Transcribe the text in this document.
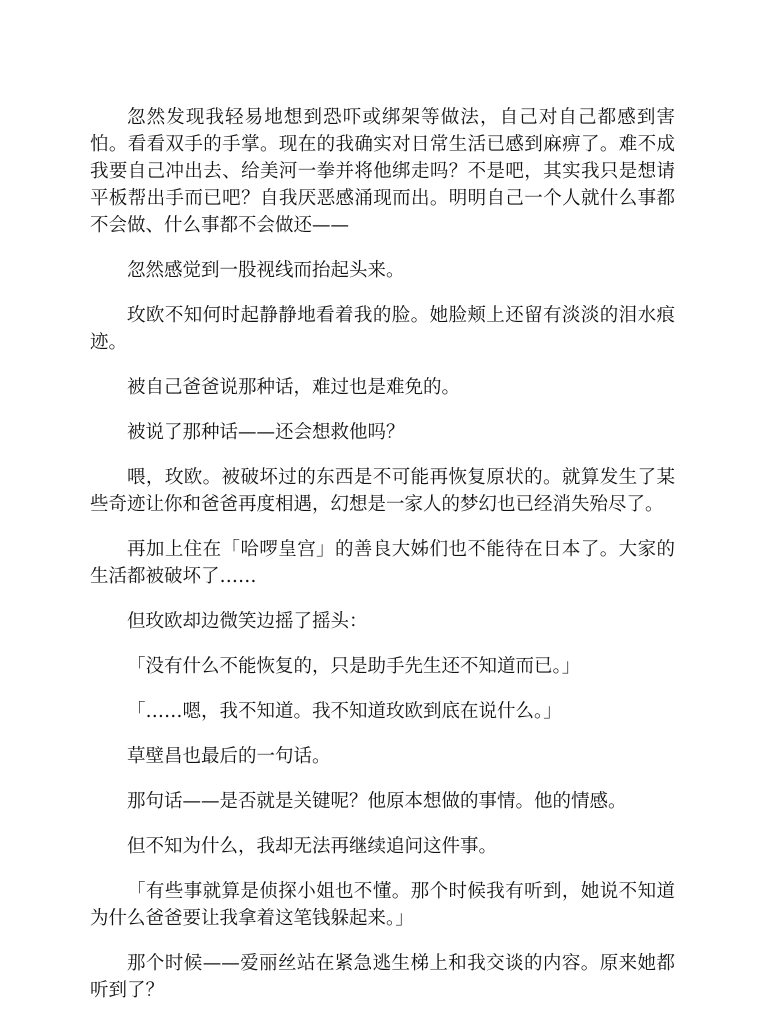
忽然发现我轻易地想到恐吓或绑架等做法，自己对自己都感到害怕。看看双手的手掌。现在的我确实对日常生活已感到麻痹了。难不成我要自己冲出去、给美河一拳并将他绑走吗？不是吧，其实我只是想请平板帮出手而已吧？自我厌恶感涌现而出。明明自己一个人就什么事都不会做、什么事都不会做还——

忽然感觉到一股视线而抬起头来。

玫欧不知何时起静静地看着我的脸。她脸颊上还留有淡淡的泪水痕迹。

被自己爸爸说那种话，难过也是难免的。

被说了那种话——还会想救他吗？

喂，玫欧。被破坏过的东西是不可能再恢复原状的。就算发生了某些奇迹让你和爸爸再度相遇，幻想是一家人的梦幻也已经消失殆尽了。

再加上住在「哈啰皇宫」的善良大姊们也不能待在日本了。大家的生活都被破坏了……

但玫欧却边微笑边摇了摇头：

「没有什么不能恢复的，只是助手先生还不知道而已。」

「……嗯，我不知道。我不知道玫欧到底在说什么。」

草壁昌也最后的一句话。

那句话——是否就是关键呢？他原本想做的事情。他的情感。

但不知为什么，我却无法再继续追问这件事。

「有些事就算是侦探小姐也不懂。那个时候我有听到，她说不知道为什么爸爸要让我拿着这笔钱躲起来。」

那个时候——爱丽丝站在紧急逃生梯上和我交谈的内容。原来她都听到了？
